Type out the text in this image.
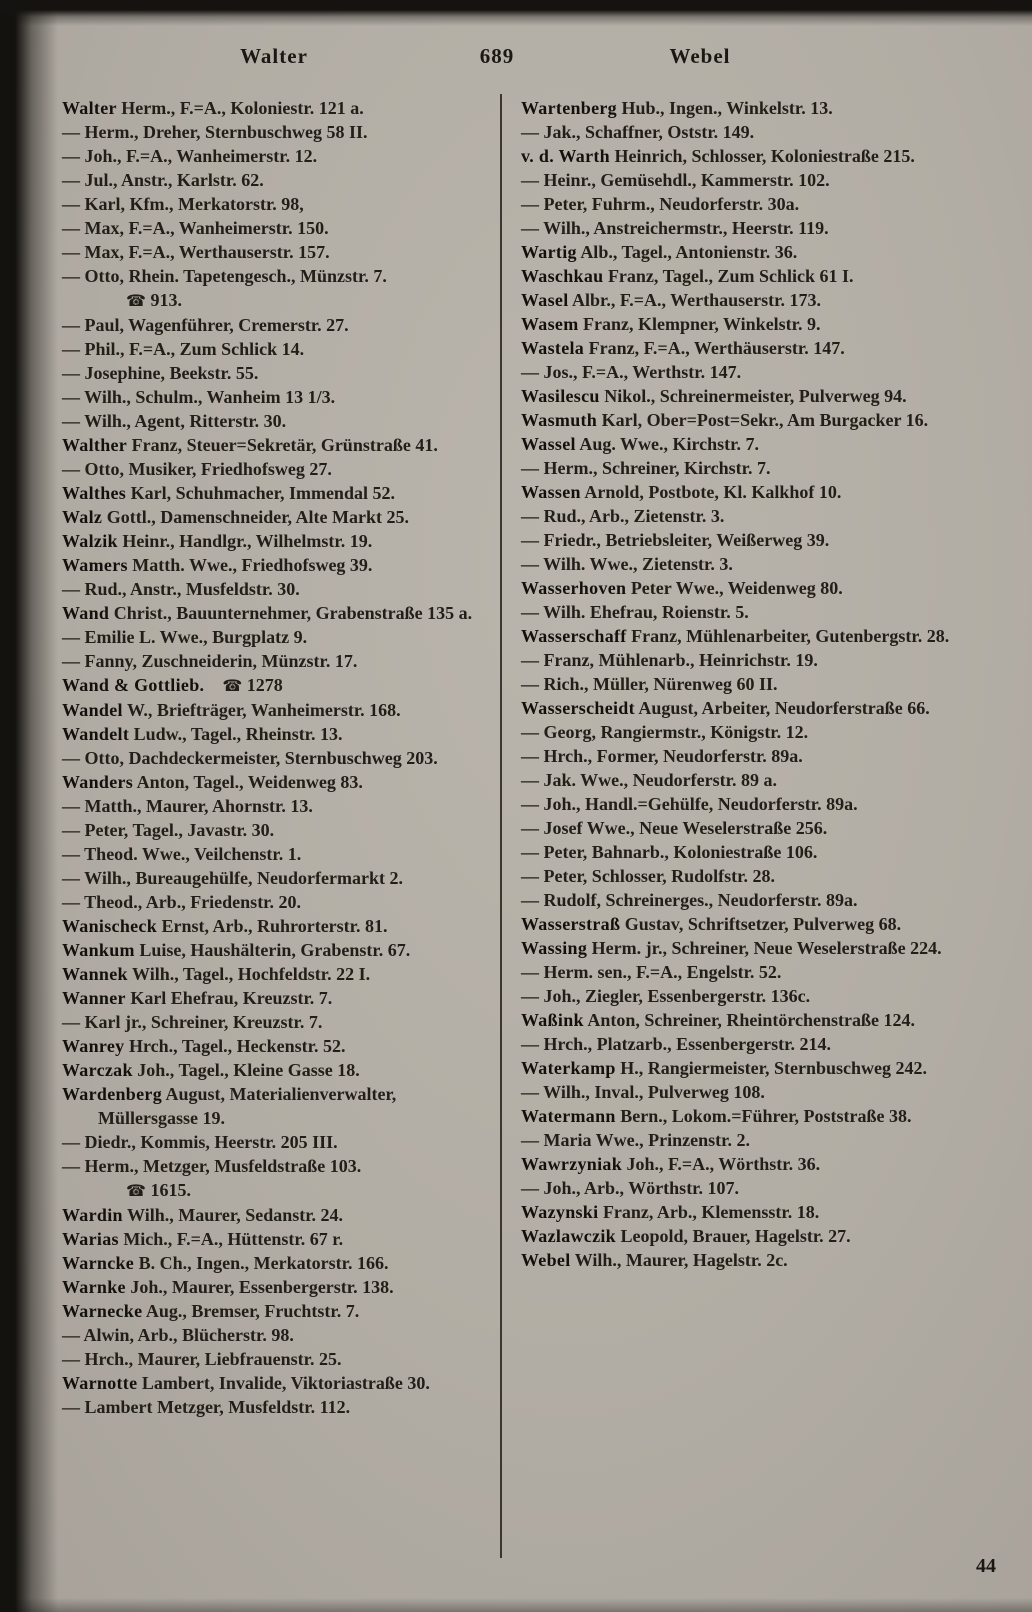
Walter	689	Webel

Walter Herm., F.=A., Koloniestr. 121 a.

— Herm., Dreher, Sternbuschweg 58 II.

— Joh., F.=A., Wanheimerstr. 12.

— Jul., Anstr., Karlstr. 62.

— Karl, Kfm., Merkatorstr. 98,

— Max, F.=A., Wanheimerstr. 150.

— Max, F.=A., Werthauserstr. 157.

— Otto, Rhein. Tapetengesch., Münzstr. 7.
☎ 913.

— Paul, Wagenführer, Cremerstr. 27.

— Phil., F.=A., Zum Schlick 14.

— Josephine, Beekstr. 55.

— Wilh., Schulm., Wanheim 13 1/3.

— Wilh., Agent, Ritterstr. 30.

Walther Franz, Steuer=Sekretär, Grünstraße 41.

— Otto, Musiker, Friedhofsweg 27.

Walthes Karl, Schuhmacher, Immendal 52.

Walz Gottl., Damenschneider, Alte Markt 25.

Walzik Heinr., Handlgr., Wilhelmstr. 19.

Wamers Matth. Wwe., Friedhofsweg 39.

— Rud., Anstr., Musfeldstr. 30.

Wand Christ., Bauunternehmer, Grabenstraße 135 a.

— Emilie L. Wwe., Burgplatz 9.

— Fanny, Zuschneiderin, Münzstr. 17.

Wand & Gottlieb. ☎ 1278

Wandel W., Briefträger, Wanheimerstr. 168.

Wandelt Ludw., Tagel., Rheinstr. 13.

— Otto, Dachdeckermeister, Sternbuschweg 203.

Wanders Anton, Tagel., Weidenweg 83.

— Matth., Maurer, Ahornstr. 13.

— Peter, Tagel., Javastr. 30.

— Theod. Wwe., Veilchenstr. 1.

— Wilh., Bureaugehülfe, Neudorfermarkt 2.

— Theod., Arb., Friedenstr. 20.

Wanischeck Ernst, Arb., Ruhrorterstr. 81.

Wankum Luise, Haushälterin, Grabenstr. 67.

Wannek Wilh., Tagel., Hochfeldstr. 22 I.

Wanner Karl Ehefrau, Kreuzstr. 7.

— Karl jr., Schreiner, Kreuzstr. 7.

Wanrey Hrch., Tagel., Heckenstr. 52.

Warczak Joh., Tagel., Kleine Gasse 18.

Wardenberg August, Materialienverwalter, Müllersgasse 19.

— Diedr., Kommis, Heerstr. 205 III.

— Herm., Metzger, Musfeldstraße 103.
☎ 1615.

Wardin Wilh., Maurer, Sedanstr. 24.

Warias Mich., F.=A., Hüttenstr. 67 r.

Warncke B. Ch., Ingen., Merkatorstr. 166.

Warnke Joh., Maurer, Essenbergerstr. 138.

Warnecke Aug., Bremser, Fruchtstr. 7.

— Alwin, Arb., Blücherstr. 98.

— Hrch., Maurer, Liebfrauenstr. 25.

Warnotte Lambert, Invalide, Viktoriastraße 30.

— Lambert Metzger, Musfeldstr. 112.

Wartenberg Hub., Ingen., Winkelstr. 13.

— Jak., Schaffner, Oststr. 149.

v. d. Warth Heinrich, Schlosser, Koloniestraße 215.

— Heinr., Gemüsehdl., Kammerstr. 102.

— Peter, Fuhrm., Neudorferstr. 30a.

— Wilh., Anstreichermstr., Heerstr. 119.

Wartig Alb., Tagel., Antonienstr. 36.

Waschkau Franz, Tagel., Zum Schlick 61 I.

Wasel Albr., F.=A., Werthauserstr. 173.

Wasem Franz, Klempner, Winkelstr. 9.

Wastela Franz, F.=A., Werthäuserstr. 147.

— Jos., F.=A., Werthstr. 147.

Wasilescu Nikol., Schreinermeister, Pulverweg 94.

Wasmuth Karl, Ober=Post=Sekr., Am Burgacker 16.

Wassel Aug. Wwe., Kirchstr. 7.

— Herm., Schreiner, Kirchstr. 7.

Wassen Arnold, Postbote, Kl. Kalkhof 10.

— Rud., Arb., Zietenstr. 3.

— Friedr., Betriebsleiter, Weißerweg 39.

— Wilh. Wwe., Zietenstr. 3.

Wasserhoven Peter Wwe., Weidenweg 80.

— Wilh. Ehefrau, Roienstr. 5.

Wasserschaff Franz, Mühlenarbeiter, Gutenbergstr. 28.

— Franz, Mühlenarb., Heinrichstr. 19.

— Rich., Müller, Nürenweg 60 II.

Wasserscheidt August, Arbeiter, Neudorferstraße 66.

— Georg, Rangiermstr., Königstr. 12.

— Hrch., Former, Neudorferstr. 89a.

— Jak. Wwe., Neudorferstr. 89 a.

— Joh., Handl.=Gehülfe, Neudorferstr. 89a.

— Josef Wwe., Neue Weselerstraße 256.

— Peter, Bahnarb., Koloniestraße 106.

— Peter, Schlosser, Rudolfstr. 28.

— Rudolf, Schreinerges., Neudorferstr. 89a.

Wasserstraß Gustav, Schriftsetzer, Pulverweg 68.

Wassing Herm. jr., Schreiner, Neue Weselerstraße 224.

— Herm. sen., F.=A., Engelstr. 52.

— Joh., Ziegler, Essenbergerstr. 136c.

Waßink Anton, Schreiner, Rheintörchenstraße 124.

— Hrch., Platzarb., Essenbergerstr. 214.

Waterkamp H., Rangiermeister, Sternbuschweg 242.

— Wilh., Inval., Pulverweg 108.

Watermann Bern., Lokom.=Führer, Poststraße 38.

— Maria Wwe., Prinzenstr. 2.

Wawrzyniak Joh., F.=A., Wörthstr. 36.

— Joh., Arb., Wörthstr. 107.

Wazynski Franz, Arb., Klemensstr. 18.

Wazlawczik Leopold, Brauer, Hagelstr. 27.

Webel Wilh., Maurer, Hagelstr. 2c.

44
